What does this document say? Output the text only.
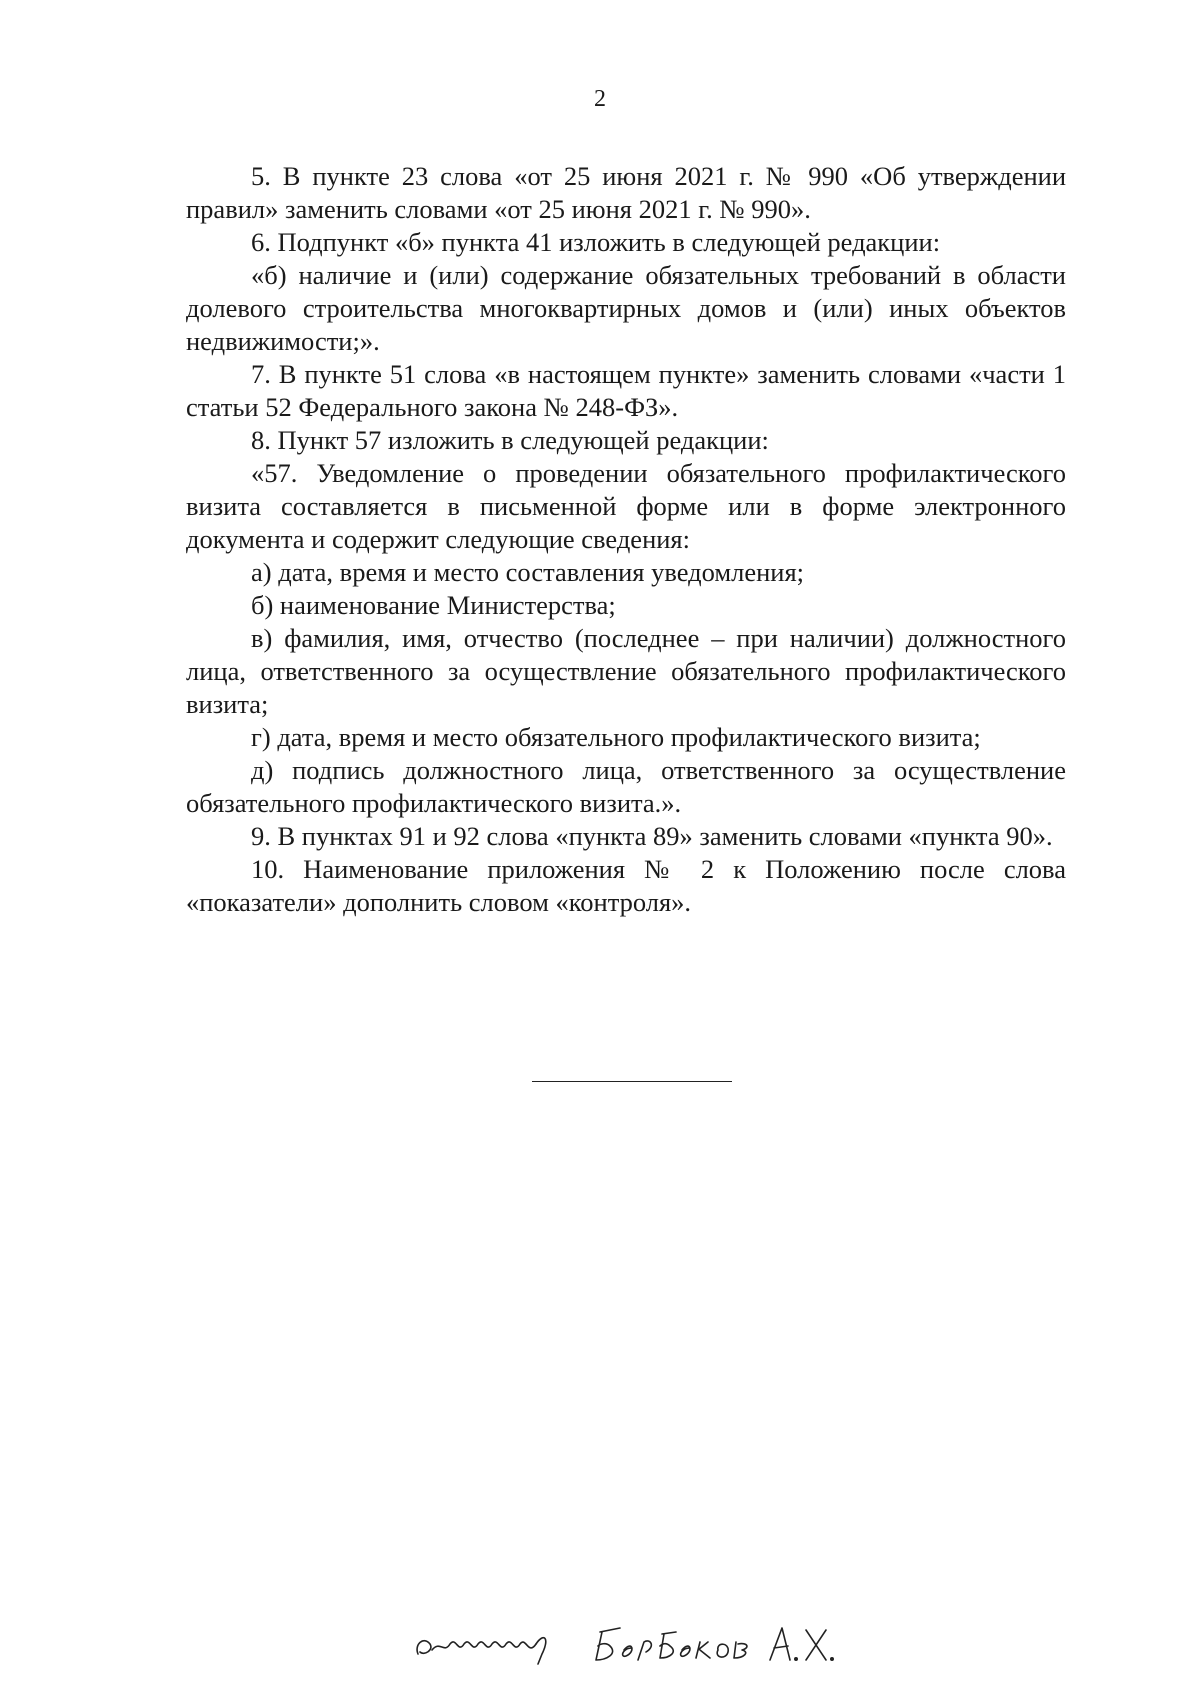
2

5. В пункте 23 слова «от 25 июня 2021 г. № 990 «Об утверждении правил» заменить словами «от 25 июня 2021 г. № 990».

6. Подпункт «б» пункта 41 изложить в следующей редакции:

«б) наличие и (или) содержание обязательных требований в области долевого строительства многоквартирных домов и (или) иных объектов недвижимости;».

7. В пункте 51 слова «в настоящем пункте» заменить словами «части 1 статьи 52 Федерального закона № 248-ФЗ».

8. Пункт 57 изложить в следующей редакции:

«57. Уведомление о проведении обязательного профилактического визита составляется в письменной форме или в форме электронного документа и содержит следующие сведения:

а) дата, время и место составления уведомления;

б) наименование Министерства;

в) фамилия, имя, отчество (последнее – при наличии) должностного лица, ответственного за осуществление обязательного профилактического визита;

г) дата, время и место обязательного профилактического визита;

д) подпись должностного лица, ответственного за осуществление обязательного профилактического визита.».

9. В пунктах 91 и 92 слова «пункта 89» заменить словами «пункта 90».

10. Наименование приложения № 2 к Положению после слова «показатели» дополнить словом «контроля».
